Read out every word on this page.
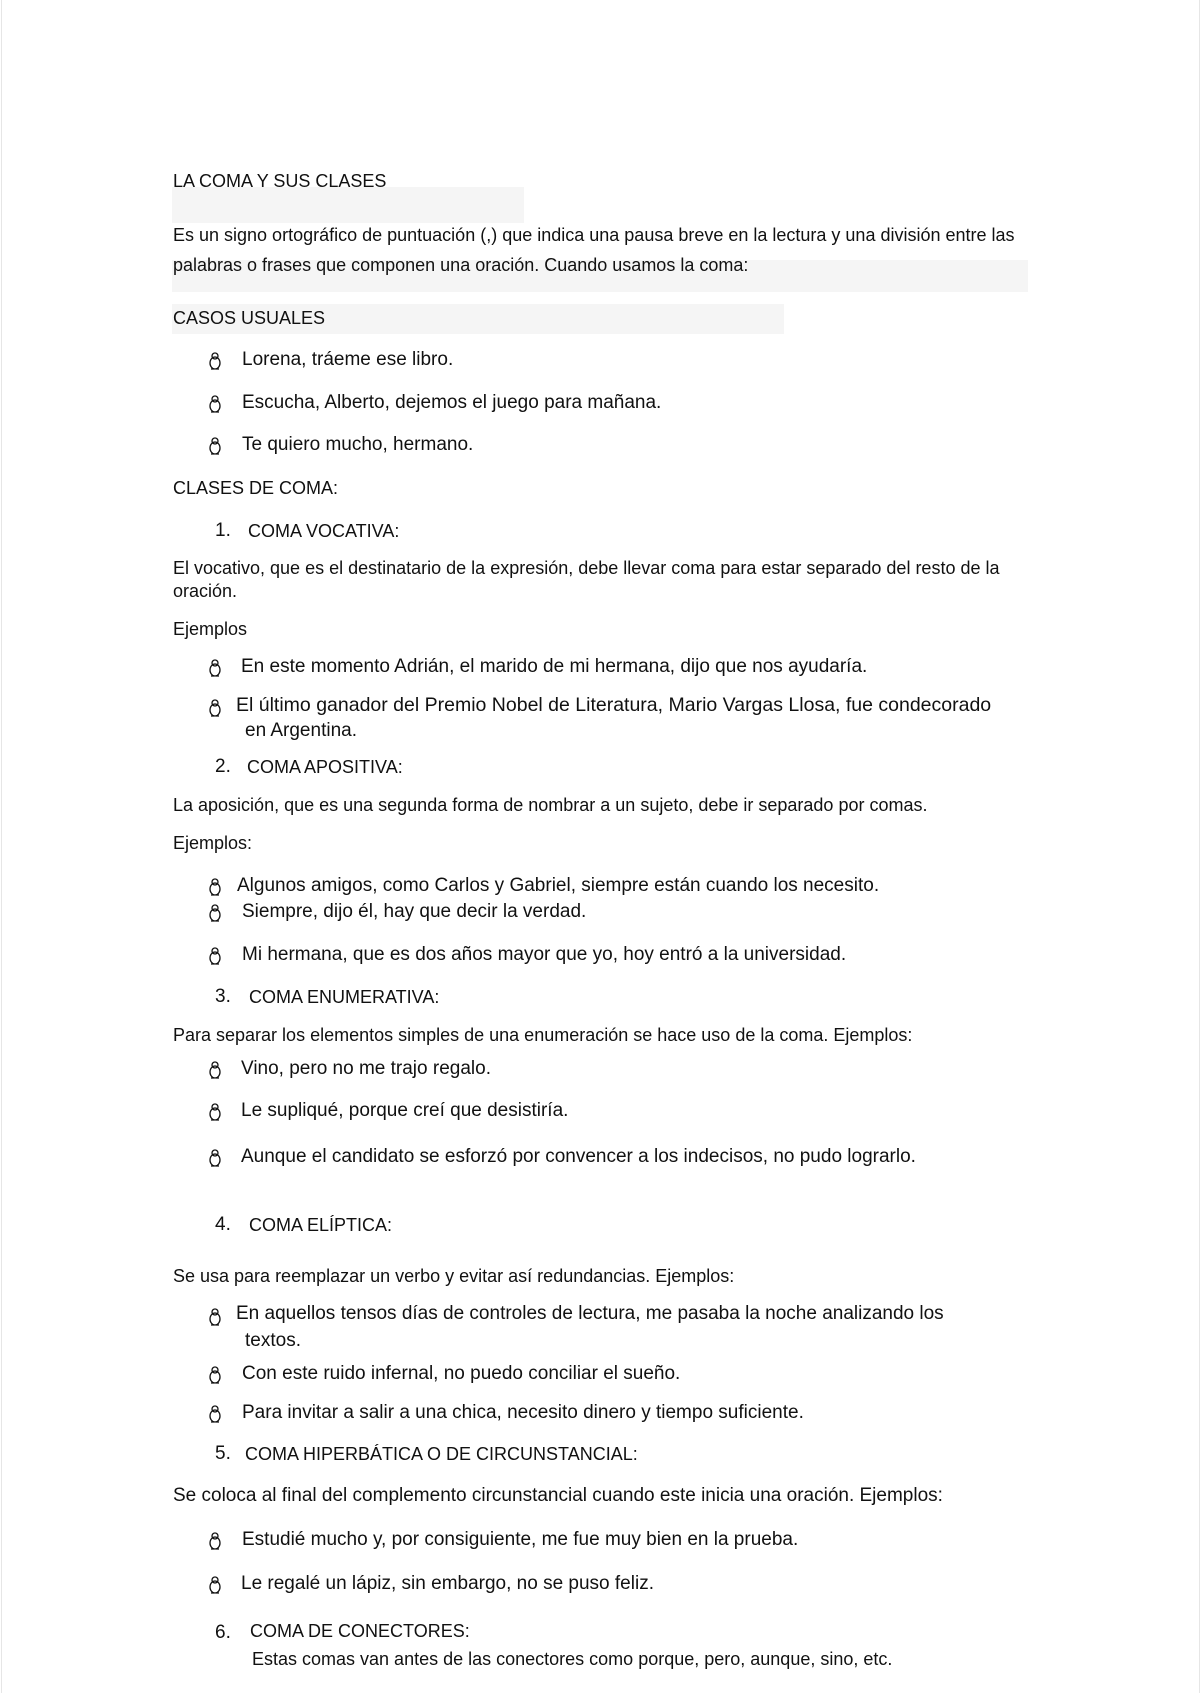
LA COMA Y SUS CLASES
Es un signo ortográfico de puntuación (,) que indica una pausa breve en la lectura y una división entre las
palabras o frases que componen una oración. Cuando usamos la coma:
CASOS USUALES
Lorena, tráeme ese libro.
Escucha, Alberto, dejemos el juego para mañana.
Te quiero mucho, hermano.
CLASES DE COMA:
1. COMA VOCATIVA:
El vocativo, que es el destinatario de la expresión, debe llevar coma para estar separado del resto de la
oración.
Ejemplos
En este momento Adrián, el marido de mi hermana, dijo que nos ayudaría.
El último ganador del Premio Nobel de Literatura, Mario Vargas Llosa, fue condecorado
en Argentina.
2. COMA APOSITIVA:
La aposición, que es una segunda forma de nombrar a un sujeto, debe ir separado por comas.
Ejemplos:
Algunos amigos, como Carlos y Gabriel, siempre están cuando los necesito.
Siempre, dijo él, hay que decir la verdad.
Mi hermana, que es dos años mayor que yo, hoy entró a la universidad.
3. COMA ENUMERATIVA:
Para separar los elementos simples de una enumeración se hace uso de la coma. Ejemplos:
Vino, pero no me trajo regalo.
Le supliqué, porque creí que desistiría.
Aunque el candidato se esforzó por convencer a los indecisos, no pudo lograrlo.
4. COMA ELÍPTICA:
Se usa para reemplazar un verbo y evitar así redundancias. Ejemplos:
En aquellos tensos días de controles de lectura, me pasaba la noche analizando los
textos.
Con este ruido infernal, no puedo conciliar el sueño.
Para invitar a salir a una chica, necesito dinero y tiempo suficiente.
5. COMA HIPERBÁTICA O DE CIRCUNSTANCIAL:
Se coloca al final del complemento circunstancial cuando este inicia una oración. Ejemplos:
Estudié mucho y, por consiguiente, me fue muy bien en la prueba.
Le regalé un lápiz, sin embargo, no se puso feliz.
6. COMA DE CONECTORES:
Estas comas van antes de las conectores como porque, pero, aunque, sino, etc.
